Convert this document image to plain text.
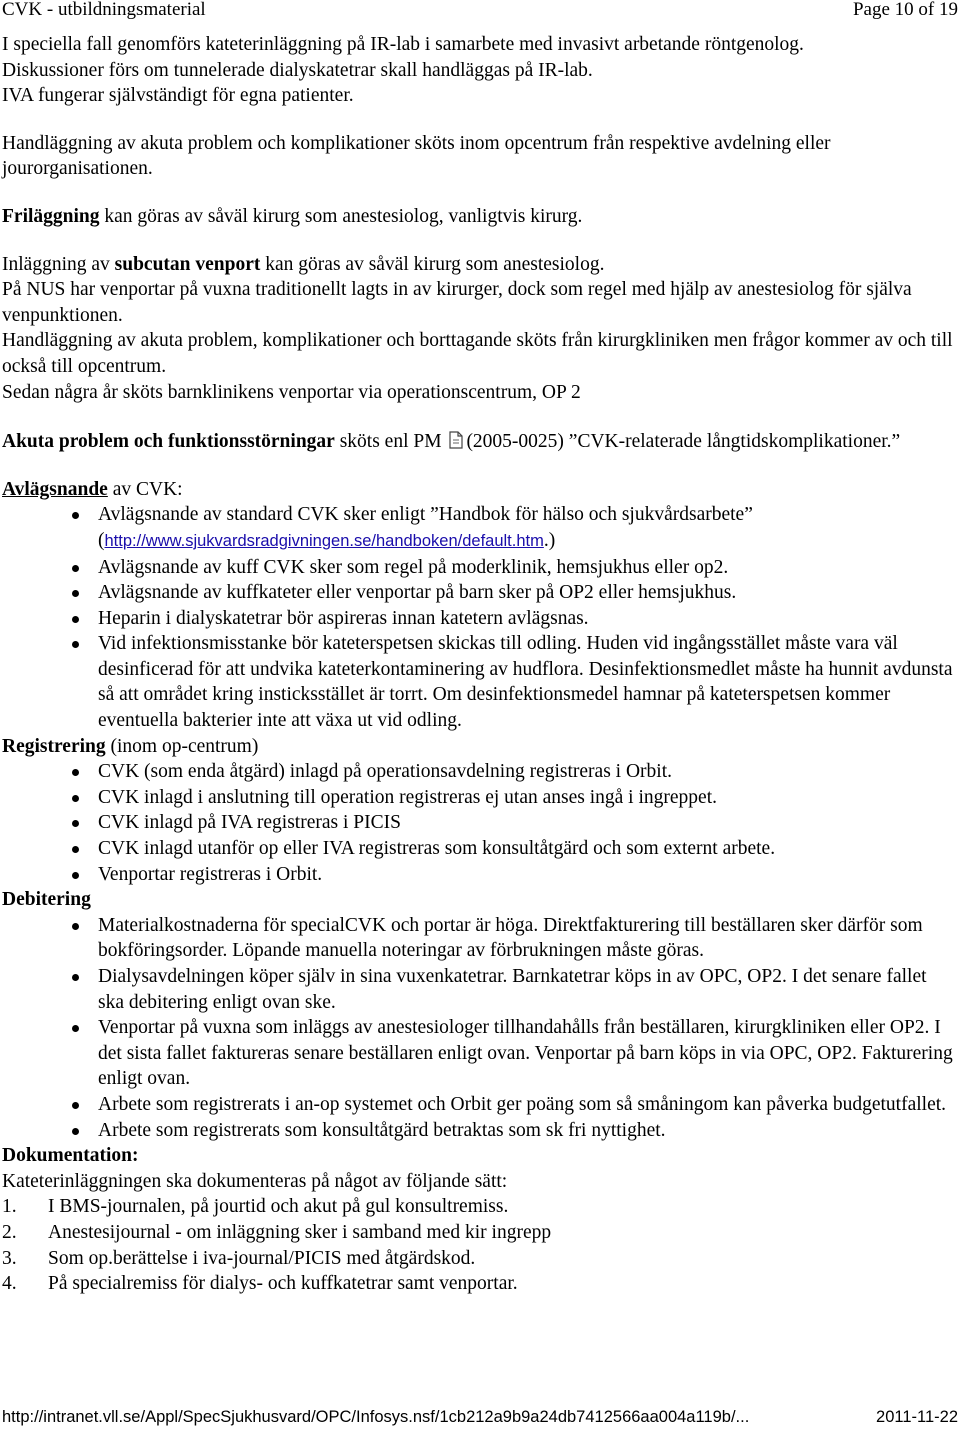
CVK - utbildningsmaterial	Page 10 of 19

I speciella fall genomförs kateterinläggning på IR-lab i samarbete med invasivt arbetande röntgenolog.

Diskussioner förs om tunnelerade dialyskatetrar skall handläggas på IR-lab.

IVA fungerar självständigt för egna patienter.

Handläggning av akuta problem och komplikationer sköts inom opcentrum från respektive avdelning eller jourorganisationen.

Friläggning kan göras av såväl kirurg som anestesiolog, vanligtvis kirurg.

Inläggning av subcutan venport kan göras av såväl kirurg som anestesiolog.

På NUS har venportar på vuxna traditionellt lagts in av kirurger, dock som regel med hjälp av anestesiolog för själva venpunktionen.

Handläggning av akuta problem, komplikationer och borttagande sköts från kirurgkliniken men frågor kommer av och till också till opcentrum.

Sedan några år sköts barnklinikens venportar via operationscentrum, OP 2

Akuta problem och funktionsstörningar sköts enl PM (2005-0025) ”CVK-relaterade långtidskomplikationer.”

Avlägsnande av CVK:

Avlägsnande av standard CVK sker enligt ”Handbok för hälso och sjukvårdsarbete” (http://www.sjukvardsradgivningen.se/handboken/default.htm.)
Avlägsnande av kuff CVK sker som regel på moderklinik, hemsjukhus eller op2.
Avlägsnande av kuffkateter eller venportar på barn sker på OP2 eller hemsjukhus.
Heparin i dialyskatetrar bör aspireras innan katetern avlägsnas.
Vid infektionsmisstanke bör kateterspetsen skickas till odling. Huden vid ingångsstället måste vara väl desinficerad för att undvika kateterkontaminering av hudflora. Desinfektionsmedlet måste ha hunnit avdunsta så att området kring insticksstället är torrt. Om desinfektionsmedel hamnar på kateterspetsen kommer eventuella bakterier inte att växa ut vid odling.

Registrering (inom op-centrum)

CVK (som enda åtgärd) inlagd på operationsavdelning registreras i Orbit.
CVK inlagd i anslutning till operation registreras ej utan anses ingå i ingreppet.
CVK inlagd på IVA registreras i PICIS
CVK inlagd utanför op eller IVA registreras som konsultåtgärd och som externt arbete.
Venportar registreras i Orbit.

Debitering

Materialkostnaderna för specialCVK och portar är höga. Direktfakturering till beställaren sker därför som bokföringsorder. Löpande manuella noteringar av förbrukningen måste göras.
Dialysavdelningen köper själv in sina vuxenkatetrar. Barnkatetrar köps in av OPC, OP2. I det senare fallet ska debitering enligt ovan ske.
Venportar på vuxna som inläggs av anestesiologer tillhandahålls från beställaren, kirurgkliniken eller OP2. I det sista fallet faktureras senare beställaren enligt ovan. Venportar på barn köps in via OPC, OP2. Fakturering enligt ovan.
Arbete som registrerats i an-op systemet och Orbit ger poäng som så småningom kan påverka budgetutfallet.
Arbete som registrerats som konsultåtgärd betraktas som sk fri nyttighet.

Dokumentation:

Kateterinläggningen ska dokumenteras på något av följande sätt:

1. I BMS-journalen, på jourtid och akut på gul konsultremiss.
2. Anestesijournal - om inläggning sker i samband med kir ingrepp
3. Som op.berättelse i iva-journal/PICIS med åtgärdskod.
4. På specialremiss för dialys- och kuffkatetrar samt venportar.
http://intranet.vll.se/Appl/SpecSjukhusvard/OPC/Infosys.nsf/1cb212a9b9a24db7412566aa004a119b/...	2011-11-22
